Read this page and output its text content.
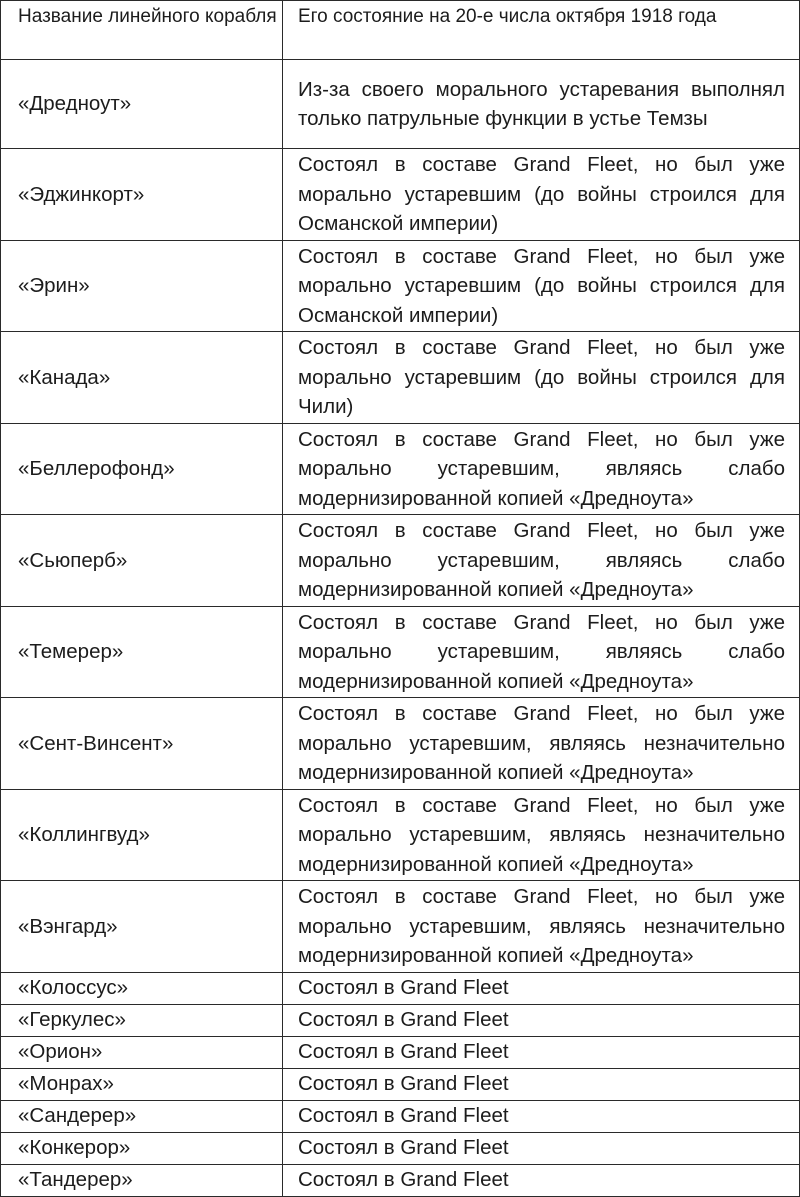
Название линейного корабля	Его состояние на 20-е числа октября 1918 года
«Дредноут»	Из-за своего морального устаревания выполнял только патрульные функции в устье Темзы
«Эджинкорт»	Состоял в составе Grand Fleet, но был уже морально устаревшим (до войны строился для Османской империи)
«Эрин»	Состоял в составе Grand Fleet, но был уже морально устаревшим (до войны строился для Османской империи)
«Канада»	Состоял в составе Grand Fleet, но был уже морально устаревшим (до войны строился для Чили)
«Беллерофонд»	Состоял в составе Grand Fleet, но был уже морально устаревшим, являясь слабо модернизированной копией «Дредноута»
«Сьюперб»	Состоял в составе Grand Fleet, но был уже морально устаревшим, являясь слабо модернизированной копией «Дредноута»
«Темерер»	Состоял в составе Grand Fleet, но был уже морально устаревшим, являясь слабо модернизированной копией «Дредноута»
«Сент-Винсент»	Состоял в составе Grand Fleet, но был уже морально устаревшим, являясь незначительно модернизированной копией «Дредноута»
«Коллингвуд»	Состоял в составе Grand Fleet, но был уже морально устаревшим, являясь незначительно модернизированной копией «Дредноута»
«Вэнгард»	Состоял в составе Grand Fleet, но был уже морально устаревшим, являясь незначительно модернизированной копией «Дредноута»
«Колоссус»	Состоял в Grand Fleet
«Геркулес»	Состоял в Grand Fleet
«Орион»	Состоял в Grand Fleet
«Монрах»	Состоял в Grand Fleet
«Сандерер»	Состоял в Grand Fleet
«Конкерор»	Состоял в Grand Fleet
«Тандерер»	Состоял в Grand Fleet
